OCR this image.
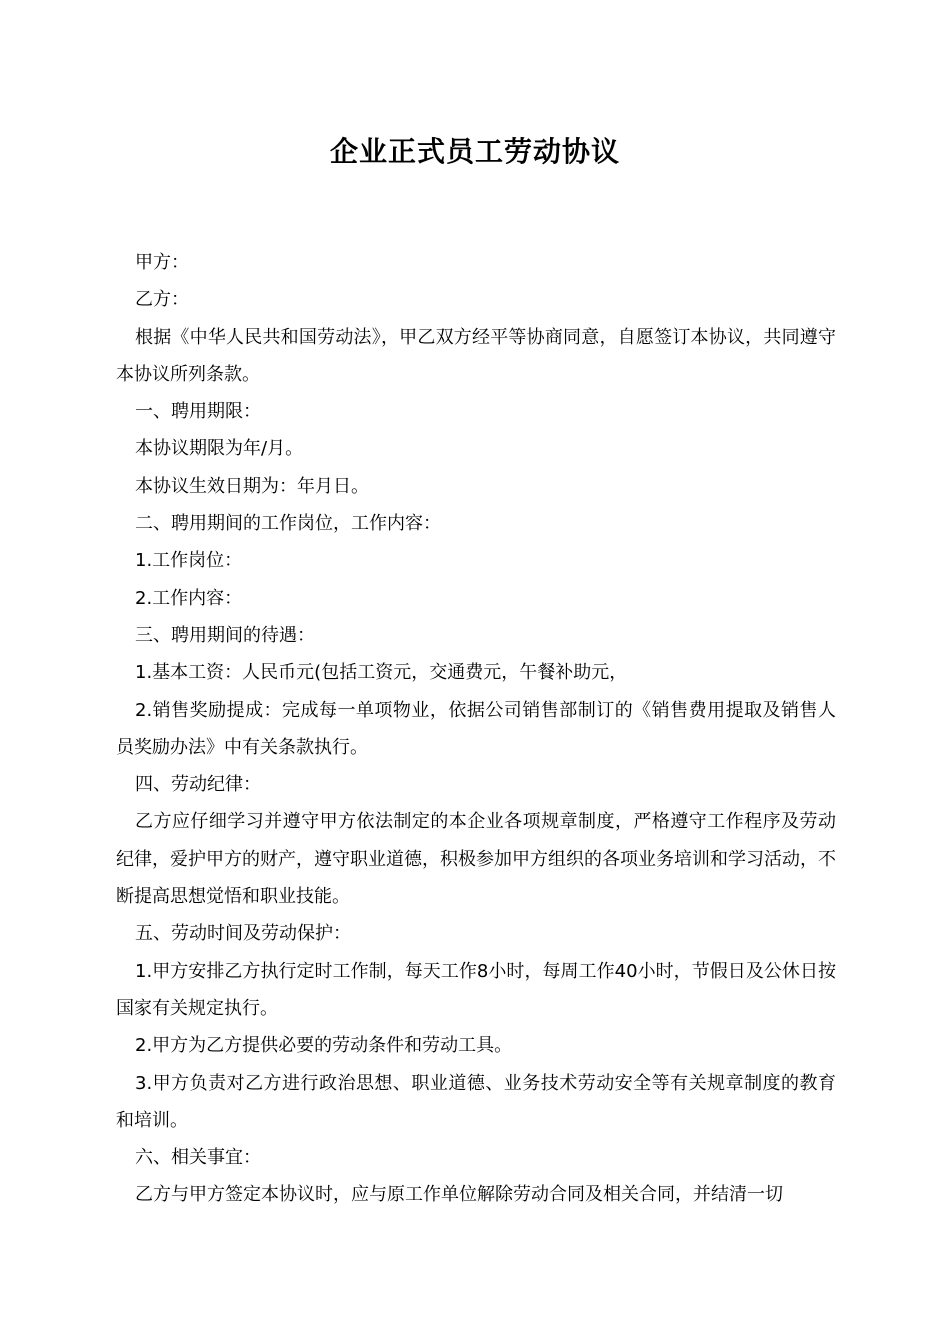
企业正式员工劳动协议

甲方：

乙方：

根据《中华人民共和国劳动法》，甲乙双方经平等协商同意，自愿签订本协议，共同遵守本协议所列条款。

一、聘用期限：

本协议期限为年/月。

本协议生效日期为：年月日。

二、聘用期间的工作岗位，工作内容：

1.工作岗位：

2.工作内容：

三、聘用期间的待遇：

1.基本工资：人民币元(包括工资元，交通费元，午餐补助元，

2.销售奖励提成：完成每一单项物业，依据公司销售部制订的《销售费用提取及销售人员奖励办法》中有关条款执行。

四、劳动纪律：

乙方应仔细学习并遵守甲方依法制定的本企业各项规章制度，严格遵守工作程序及劳动纪律，爱护甲方的财产，遵守职业道德，积极参加甲方组织的各项业务培训和学习活动，不断提高思想觉悟和职业技能。

五、劳动时间及劳动保护：

1.甲方安排乙方执行定时工作制，每天工作8小时，每周工作40小时，节假日及公休日按国家有关规定执行。

2.甲方为乙方提供必要的劳动条件和劳动工具。

3.甲方负责对乙方进行政治思想、职业道德、业务技术劳动安全等有关规章制度的教育和培训。

六、相关事宜：

乙方与甲方签定本协议时，应与原工作单位解除劳动合同及相关合同，并结清一切
